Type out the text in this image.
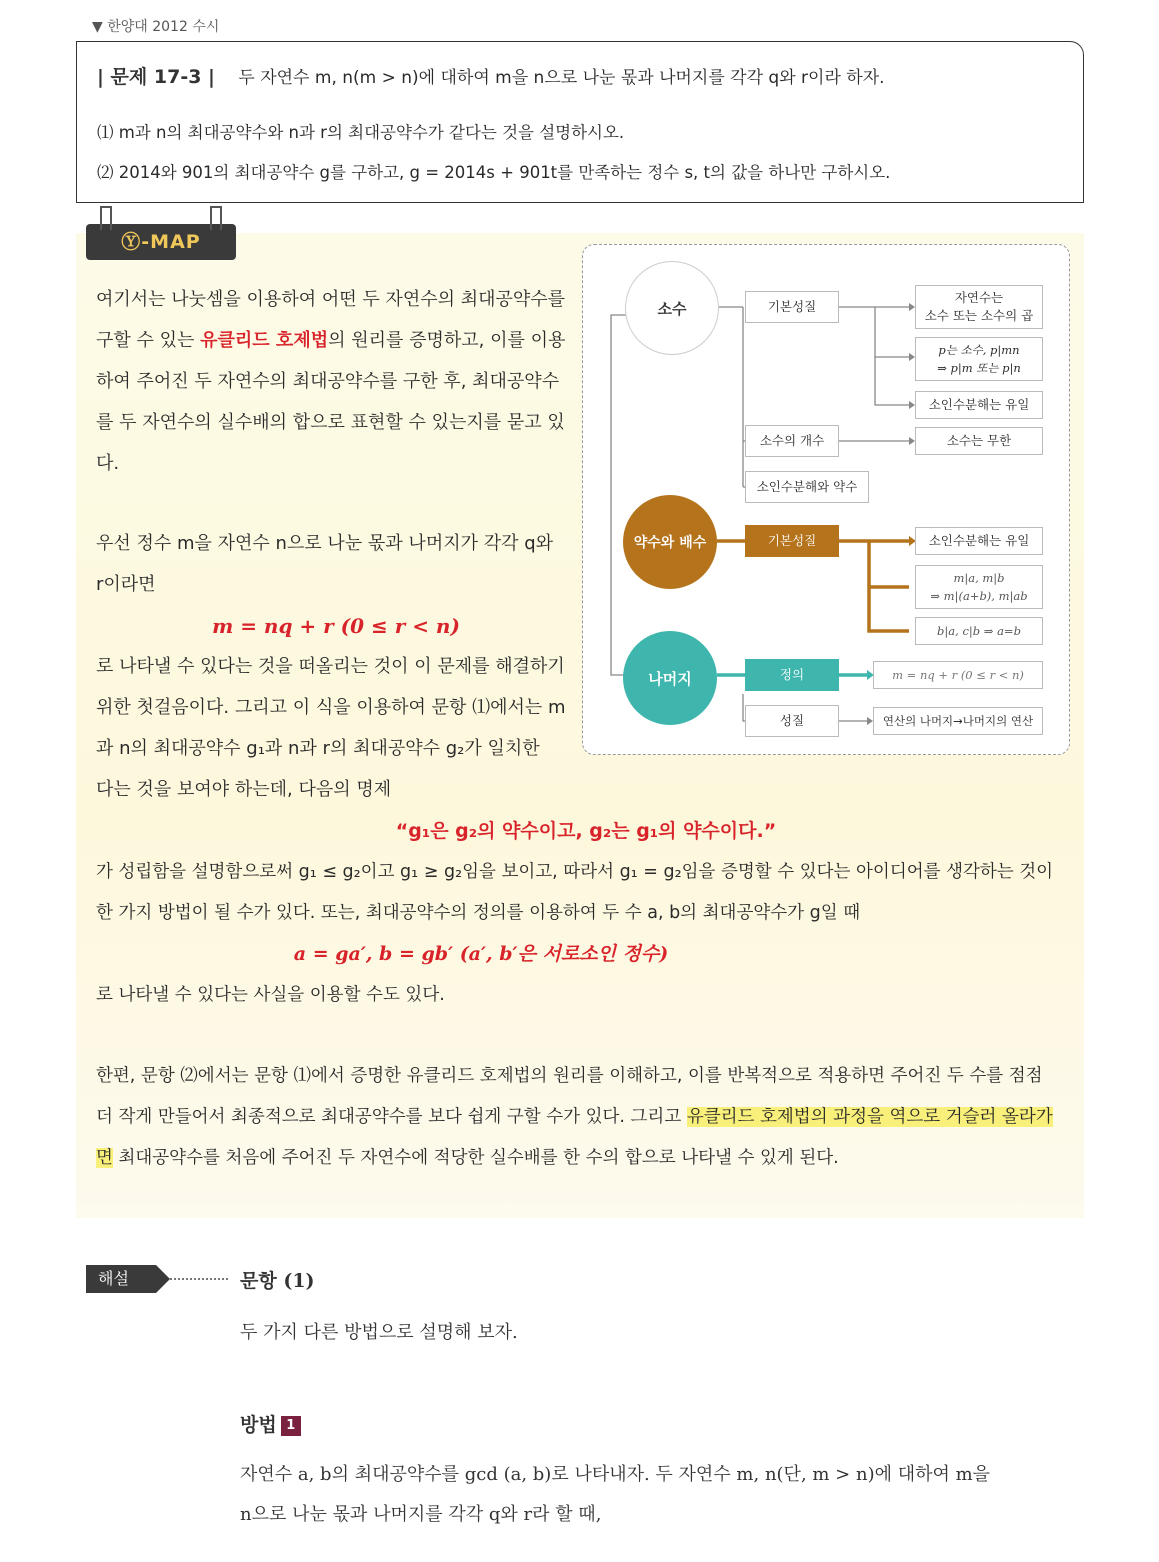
▼ 한양대 2012 수시
| 문제 17-3 | 두 자연수 m, n(m > n)에 대하여 m을 n으로 나눈 몫과 나머지를 각각 q와 r이라 하자.
⑴ m과 n의 최대공약수와 n과 r의 최대공약수가 같다는 것을 설명하시오.
⑵ 2014와 901의 최대공약수 g를 구하고, g = 2014s + 901t를 만족하는 정수 s, t의 값을 하나만 구하시오.
Ⓨ-MAP
여기서는 나눗셈을 이용하여 어떤 두 자연수의 최대공약수를
구할 수 있는 유클리드 호제법의 원리를 증명하고, 이를 이용
하여 주어진 두 자연수의 최대공약수를 구한 후, 최대공약수
를 두 자연수의 실수배의 합으로 표현할 수 있는지를 묻고 있
다.
우선 정수 m을 자연수 n으로 나눈 몫과 나머지가 각각 q와
r이라면
m = nq + r (0 ≤ r < n)
로 나타낼 수 있다는 것을 떠올리는 것이 이 문제를 해결하기
위한 첫걸음이다. 그리고 이 식을 이용하여 문항 ⑴에서는 m
과 n의 최대공약수 g₁과 n과 r의 최대공약수 g₂가 일치한
다는 것을 보여야 하는데, 다음의 명제
“g₁은 g₂의 약수이고, g₂는 g₁의 약수이다.”
가 성립함을 설명함으로써 g₁ ≤ g₂이고 g₁ ≥ g₂임을 보이고, 따라서 g₁ = g₂임을 증명할 수 있다는 아이디어를 생각하는 것이
한 가지 방법이 될 수가 있다. 또는, 최대공약수의 정의를 이용하여 두 수 a, b의 최대공약수가 g일 때
a = ga′, b = gb′ (a′, b′은 서로소인 정수)
로 나타낼 수 있다는 사실을 이용할 수도 있다.
한편, 문항 ⑵에서는 문항 ⑴에서 증명한 유클리드 호제법의 원리를 이해하고, 이를 반복적으로 적용하면 주어진 두 수를 점점
더 작게 만들어서 최종적으로 최대공약수를 보다 쉽게 구할 수가 있다. 그리고 유클리드 호제법의 과정을 역으로 거슬러 올라가
면 최대공약수를 처음에 주어진 두 자연수에 적당한 실수배를 한 수의 합으로 나타낼 수 있게 된다.
소수
약수와 배수
나머지
기본성질
소수의 개수
소인수분해와 약수
자연수는
소수 또는 소수의 곱
p는 소수, p|mn
⇒ p|m 또는 p|n
소인수분해는 유일
소수는 무한
기본성질	소인수분해는 유일
m|a, m|b
⇒ m|(a+b), m|ab
b|a, c|b ⇒ a=b
정의
성질
m = nq + r (0 ≤ r < n)
연산의 나머지→나머지의 연산
해설	문항 (1)
두 가지 다른 방법으로 설명해 보자.
방법 1
자연수 a, b의 최대공약수를 gcd (a, b)로 나타내자. 두 자연수 m, n(단, m > n)에 대하여 m을
n으로 나눈 몫과 나머지를 각각 q와 r라 할 때,
